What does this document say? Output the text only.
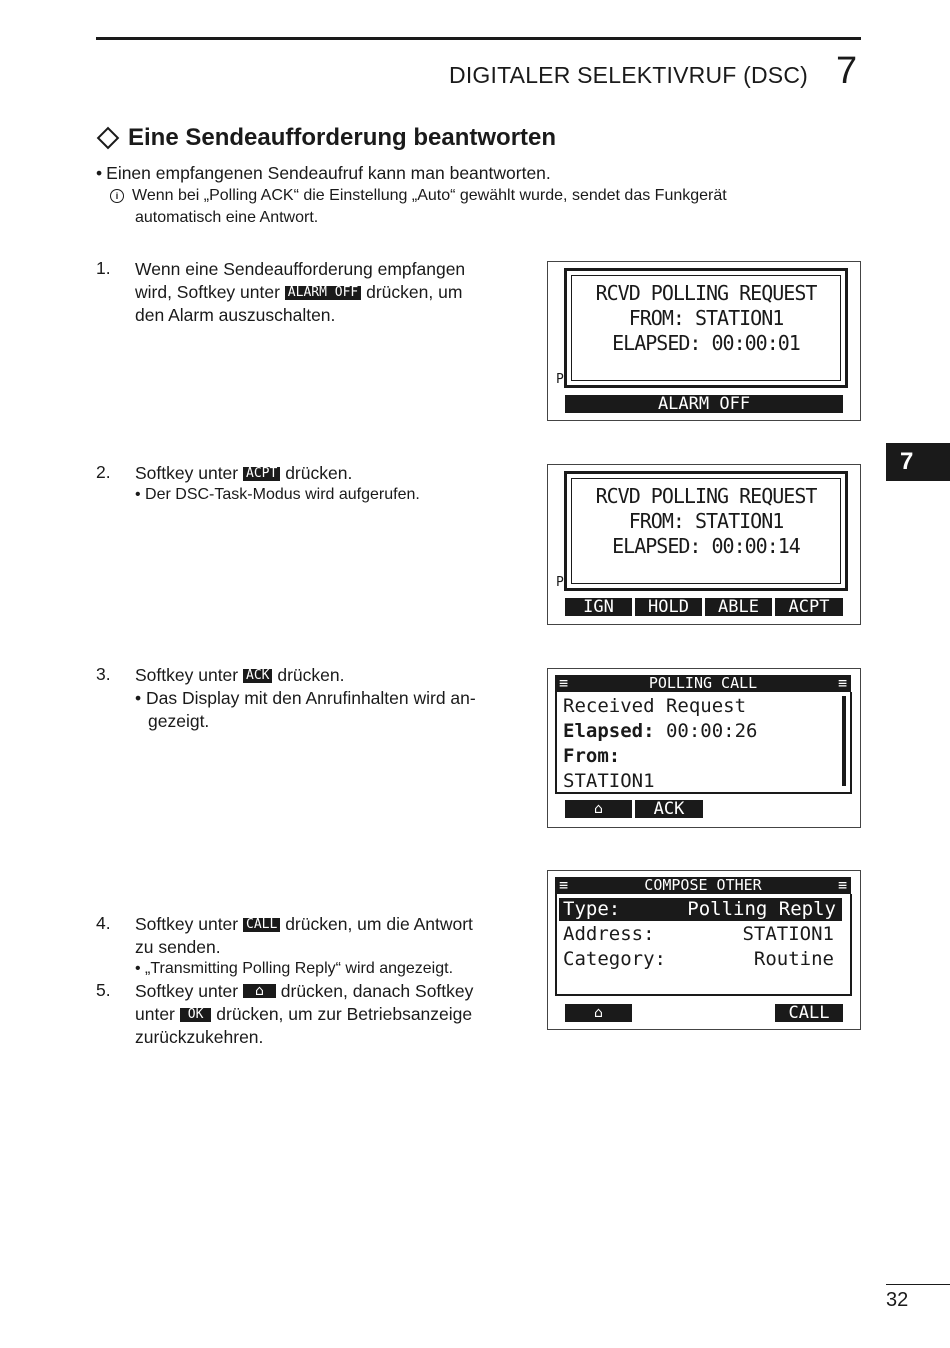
DIGITALER SELEKTIVRUF (DSC) 7
Eine Sendeaufforderung beantworten
• Einen empfangenen Sendeaufruf kann man beantworten.
i Wenn bei „Polling ACK“ die Einstellung „Auto“ gewählt wurde, sendet das Funkgerät
automatisch eine Antwort.
1. Wenn eine Sendeaufforderung empfangen
wird, Softkey unter ALARM OFF drücken, um
den Alarm auszuschalten.
2. Softkey unter ACPT drücken.
• Der DSC-Task-Modus wird aufgerufen.
3. Softkey unter ACK drücken.
• Das Display mit den Anrufinhalten wird an-
gezeigt.
4. Softkey unter CALL drücken, um die Antwort
zu senden.
• „Transmitting Polling Reply“ wird angezeigt.
5. Softkey unter ⌂ drücken, danach Softkey
unter OK drücken, um zur Betriebsanzeige
zurückzukehren.
RCVD POLLING REQUEST
FROM: STATION1
ELAPSED: 00:00:01
P
ALARM OFF
RCVD POLLING REQUEST
FROM: STATION1
ELAPSED: 00:00:14
P
IGN	HOLD	ABLE	ACPT
≡	POLLING CALL	≡
Received Request
Elapsed: 00:00:26
From:
STATION1
⌂	ACK
≡	COMPOSE OTHER	≡
Type:	Polling Reply
Address:	STATION1
Category:	Routine
⌂	CALL
7
32
